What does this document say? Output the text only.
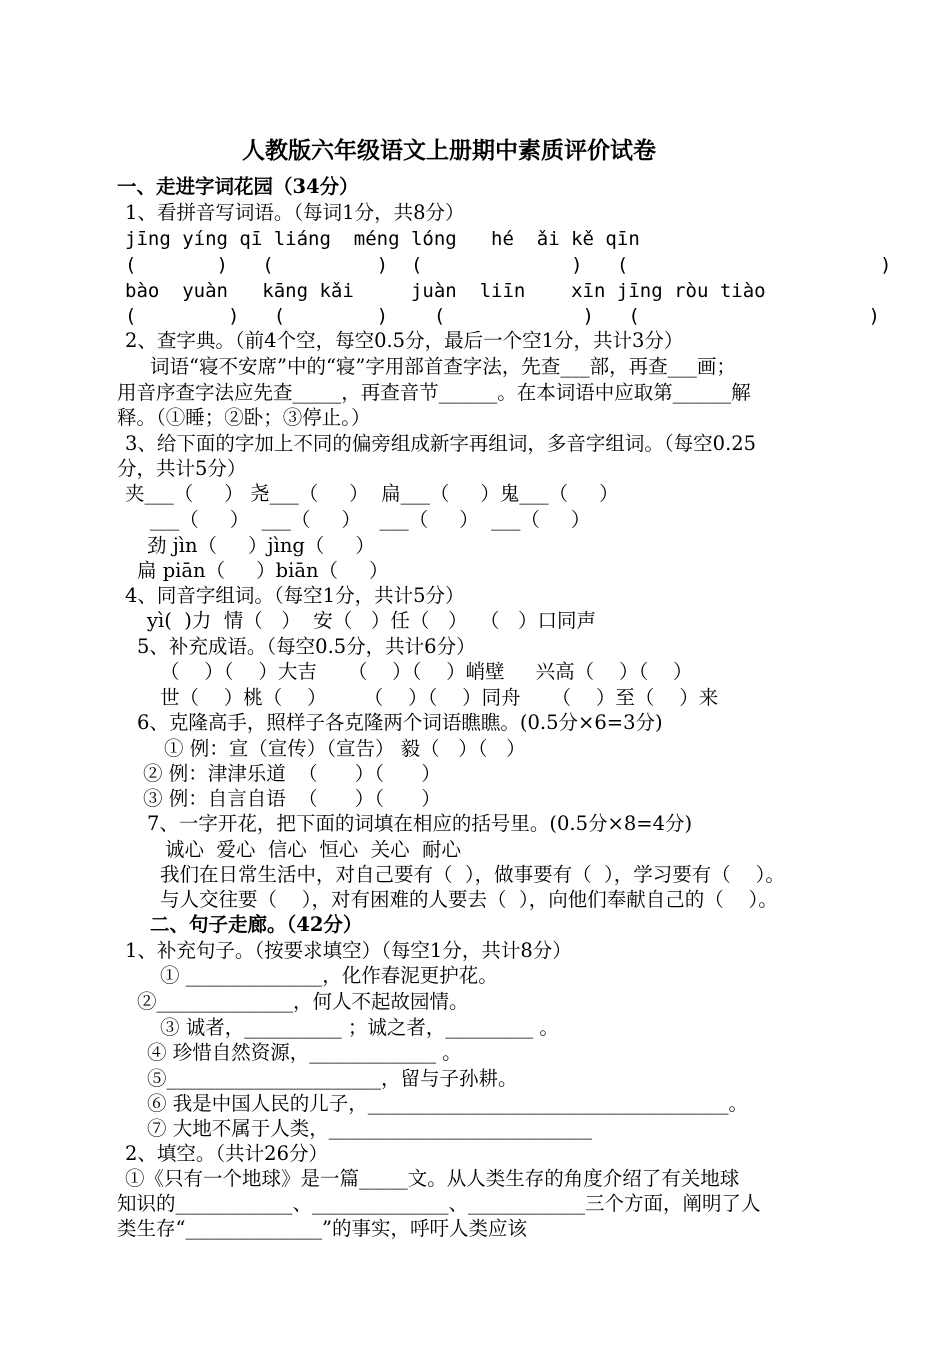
人教版六年级语文上册期中素质评价试卷
一、走进字词花园（34分）
1、看拼音写词语。（每词1分，共8分）
jīng yíng qī liáng  méng lóng   hé  ǎi kě qīn
(       )   (         )  (             )   (                      )
bào  yuàn   kāng kǎi     juàn  liīn    xīn jīng ròu tiào
(        )   (        )    (            )   (                    )
2、查字典。（前4个空，每空0.5分，最后一个空1分，共计3分）
词语“寝不安席”中的“寝”字用部首查字法，先查___部，再查___画；
用音序查字法应先查_____，再查音节______。在本词语中应取第______解
释。（①睡；②卧；③停止。）
3、给下面的字加上不同的偏旁组成新字再组词，多音字组词。（每空0.25
分，共计5分）
夹___（     ） 尧___（     ）  扁___（     ）鬼___（     ）
___（     ）  ___（     ）   ___（     ）  ___（     ）
劲 jìn（     ）jìng（     ）
扁 piān（     ）biān（     ）
4、同音字组词。（每空1分，共计5分）
yì(  )力  情（   ）  安（   ）任（   ）  （   ）口同声
5、补充成语。（每空0.5分，共计6分）
（    ）（    ）大吉     （    ）（    ）峭壁     兴高（    ）（    ）
世（    ）桃（    ）      （    ）（    ）同舟     （    ）至（    ）来
6、克隆高手，照样子各克隆两个词语瞧瞧。(0.5分×6=3分)
① 例：宣（宣传）（宣告） 毅（   ）（   ）
② 例：津津乐道  （      ）（      ）
③ 例：自言自语  （      ）（      ）
7、一字开花，把下面的词填在相应的括号里。(0.5分×8=4分)
诚心  爱心  信心  恒心  关心  耐心
我们在日常生活中，对自己要有（  ），做事要有（  ），学习要有（    ）。
与人交往要（    ），对有困难的人要去（  ），向他们奉献自己的（    ）。
二、句子走廊。（42分）
1、补充句子。（按要求填空）（每空1分，共计8分）
① ______________，化作春泥更护花。
②______________，何人不起故园情。
③ 诚者，__________ ；诚之者，_________ 。
④ 珍惜自然资源，_____________ 。
⑤______________________，留与子孙耕。
⑥ 我是中国人民的儿子，_____________________________________。
⑦ 大地不属于人类，___________________________
2、填空。（共计26分）
①《只有一个地球》是一篇_____文。从人类生存的角度介绍了有关地球
知识的____________、______________、____________三个方面，阐明了人
类生存“______________”的事实，呼吁人类应该
